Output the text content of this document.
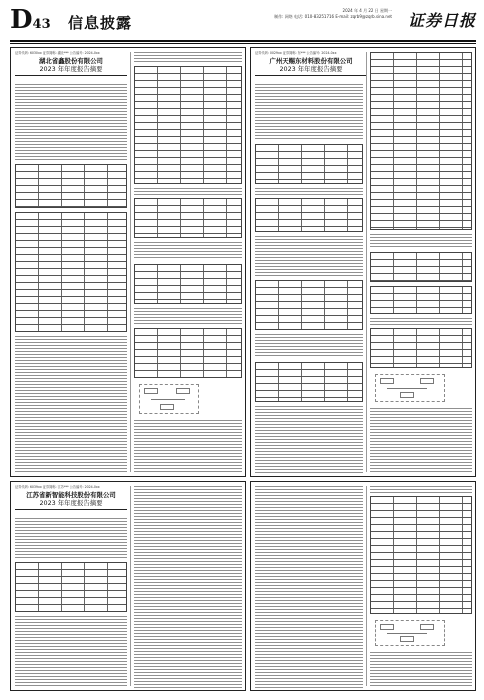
D43 信息披露
2024 年 4 月 22 日 星期一
制作: 网络 电话: 010-83251716 E-mail: zqrb9@zqrb.sina.net 证券日报
证券代码: 6030xx 证券简称: 湖北*** 公告编号: 2024-0xx
湖北省鑫股份有限公司
2023 年年度报告摘要
证券代码: 0029xx 证券简称: 东*** 公告编号: 2024-0xx
广州天赐东材料股份有限公司
2023 年年度报告摘要
证券代码: 6039xx 证券简称: 江苏*** 公告编号: 2024-0xx
江苏省新智能科技股份有限公司
2023 年年度报告摘要
